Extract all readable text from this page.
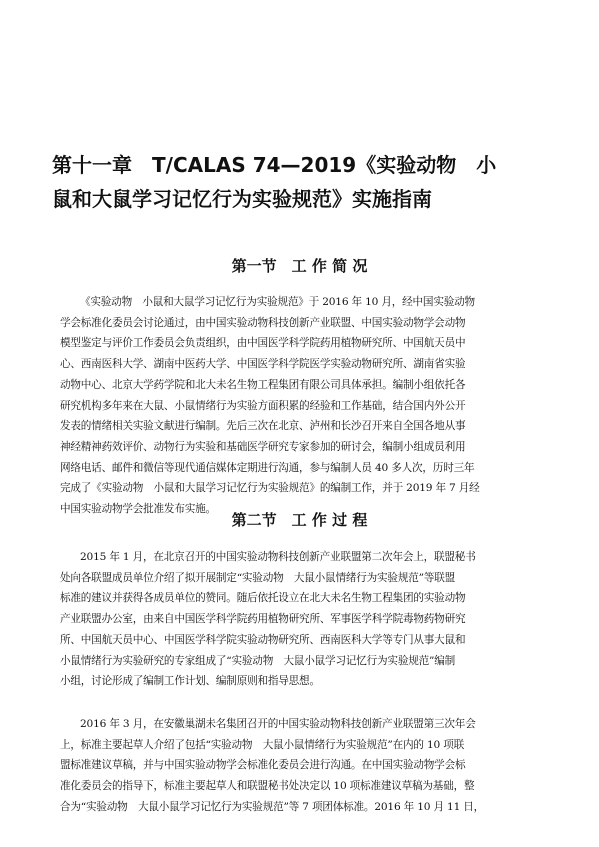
第十一章　T/CALAS 74—2019《实验动物　小
鼠和大鼠学习记忆行为实验规范》实施指南
第一节　工 作 简 况
《实验动物　小鼠和大鼠学习记忆行为实验规范》于 2016 年 10 月，经中国实验动物
学会标准化委员会讨论通过，由中国实验动物科技创新产业联盟、中国实验动物学会动物
模型鉴定与评价工作委员会负责组织，由中国医学科学院药用植物研究所、中国航天员中
心、西南医科大学、湖南中医药大学、中国医学科学院医学实验动物研究所、湖南省实验
动物中心、北京大学药学院和北大未名生物工程集团有限公司具体承担。编制小组依托各
研究机构多年来在大鼠、小鼠情绪行为实验方面积累的经验和工作基础，结合国内外公开
发表的情绪相关实验文献进行编制。先后三次在北京、泸州和长沙召开来自全国各地从事
神经精神药效评价、动物行为实验和基础医学研究专家参加的研讨会，编制小组成员利用
网络电话、邮件和微信等现代通信媒体定期进行沟通，参与编制人员 40 多人次，历时三年
完成了《实验动物　小鼠和大鼠学习记忆行为实验规范》的编制工作，并于 2019 年 7 月经
中国实验动物学会批准发布实施。
第二节　工 作 过 程
2015 年 1 月，在北京召开的中国实验动物科技创新产业联盟第二次年会上，联盟秘书
处向各联盟成员单位介绍了拟开展制定“实验动物　大鼠小鼠情绪行为实验规范”等联盟
标准的建议并获得各成员单位的赞同。随后依托设立在北大未名生物工程集团的实验动物
产业联盟办公室，由来自中国医学科学院药用植物研究所、军事医学科学院毒物药物研究
所、中国航天员中心、中国医学科学院实验动物研究所、西南医科大学等专门从事大鼠和
小鼠情绪行为实验研究的专家组成了“实验动物　大鼠小鼠学习记忆行为实验规范”编制
小组，讨论形成了编制工作计划、编制原则和指导思想。
2016 年 3 月，在安徽巢湖未名集团召开的中国实验动物科技创新产业联盟第三次年会
上，标准主要起草人介绍了包括“实验动物　大鼠小鼠情绪行为实验规范”在内的 10 项联
盟标准建议草稿，并与中国实验动物学会标准化委员会进行沟通。在中国实验动物学会标
准化委员会的指导下，标准主要起草人和联盟秘书处决定以 10 项标准建议草稿为基础，整
合为“实验动物　大鼠小鼠学习记忆行为实验规范”等 7 项团体标准。2016 年 10 月 11 日，
